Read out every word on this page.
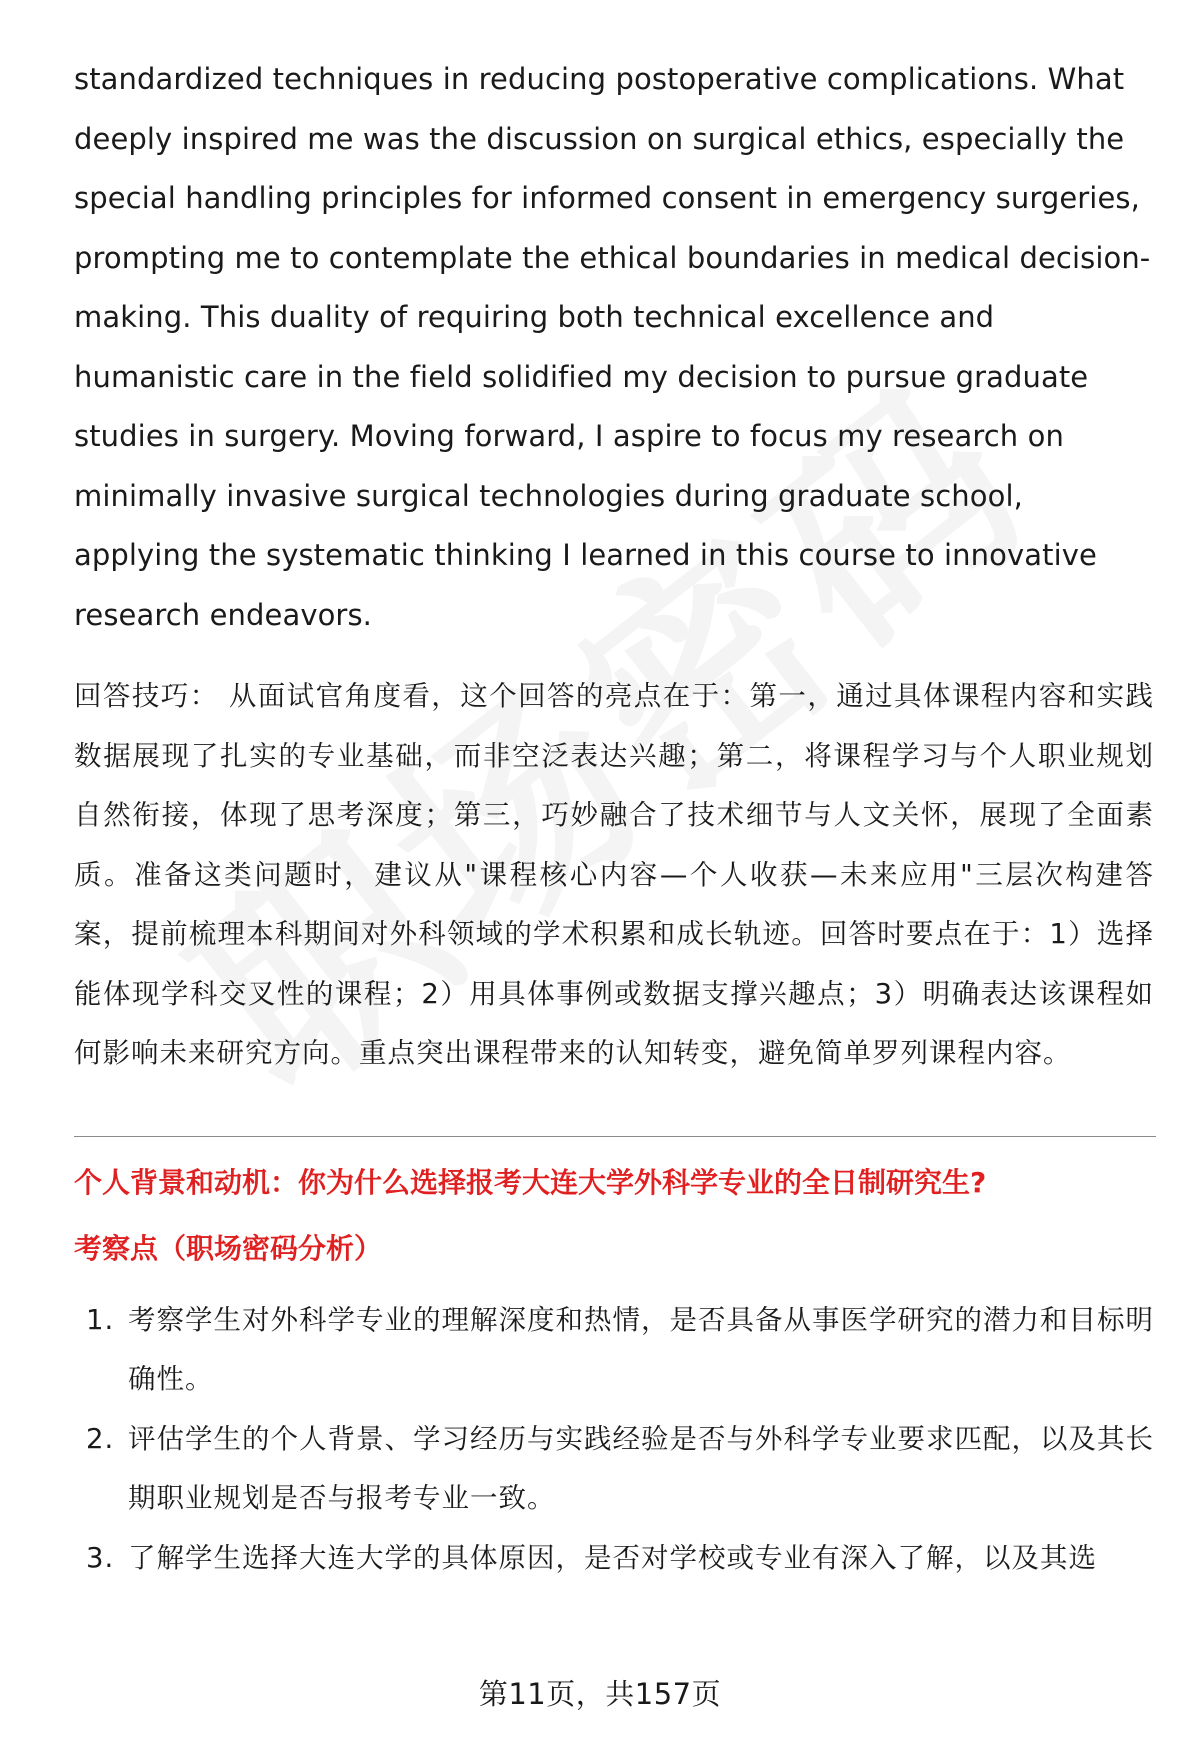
standardized techniques in reducing postoperative complications. What deeply inspired me was the discussion on surgical ethics, especially the special handling principles for informed consent in emergency surgeries, prompting me to contemplate the ethical boundaries in medical decision-making. This duality of requiring both technical excellence and humanistic care in the field solidified my decision to pursue graduate studies in surgery. Moving forward, I aspire to focus my research on minimally invasive surgical technologies during graduate school, applying the systematic thinking I learned in this course to innovative research endeavors.

回答技巧： 从面试官角度看，这个回答的亮点在于：第一，通过具体课程内容和实践数据展现了扎实的专业基础，而非空泛表达兴趣；第二，将课程学习与个人职业规划自然衔接，体现了思考深度；第三，巧妙融合了技术细节与人文关怀，展现了全面素质。准备这类问题时，建议从"课程核心内容—个人收获—未来应用"三层次构建答案，提前梳理本科期间对外科领域的学术积累和成长轨迹。回答时要点在于：1）选择能体现学科交叉性的课程；2）用具体事例或数据支撑兴趣点；3）明确表达该课程如何影响未来研究方向。重点突出课程带来的认知转变，避免简单罗列课程内容。

个人背景和动机：你为什么选择报考大连大学外科学专业的全日制研究生?
考察点（职场密码分析）
1. 考察学生对外科学专业的理解深度和热情，是否具备从事医学研究的潜力和目标明确性。
2. 评估学生的个人背景、学习经历与实践经验是否与外科学专业要求匹配，以及其长期职业规划是否与报考专业一致。
3. 了解学生选择大连大学的具体原因，是否对学校或专业有深入了解，以及其选
第11页，共157页
